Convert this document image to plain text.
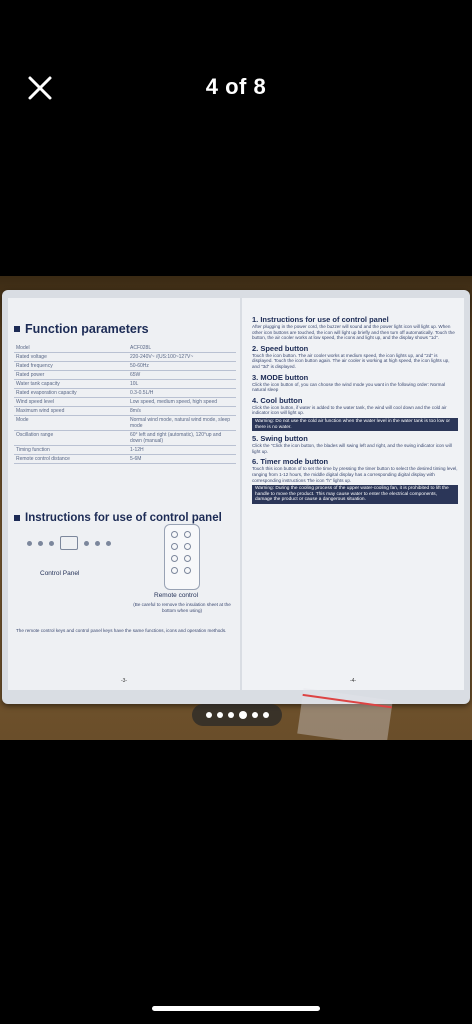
4 of 8
Function parameters
Model	ACF028L
Rated voltage	220-240V~ /(US:100~127V~
Rated frequency	50-60Hz
Rated power	65W
Water tank capacity	10L
Rated evaporation capacity	0.3-0.5L/H
Wind speed level	Low speed, medium speed, high speed
Maximum wind speed	8m/s
Mode	Normal wind mode, natural wind mode, sleep mode
Oscillation range	60° left and right (automatic), 120°up and down (manual)
Timing function	1-12H
Remote control distance	5-6M
Instructions for use of control panel
Control Panel
Remote control
(Be careful to remove the insulation sheet at the bottom when using)
The remote control keys and control panel keys have the same functions, icons and operation methods.
-3-
1. Instructions for use of control panel
After plugging in the power cord, the buzzer will sound and the power light icon will light up. When other icon buttons are touched, the icon will light up briefly and then turn off automatically. Touch the button, the air cooler works at low speed, the icons and light up, and the display shows "1d".
2. Speed button
Touch the icon button. The air cooler works at medium speed, the icon lights up, and "2d" is displayed. Touch the icon button again. The air cooler is working at high speed, the icon lights up, and "3d" is displayed.
3. MODE button
Click the icon button of, you can choose the wind mode you want in the following order: Normal natural sleep
4. Cool button
Click the icon button, if water is added to the water tank, the wind will cool down and the cold air indicator icon will light up.
Warning: Do not use the cold air function when the water level in the water tank is too low or there is no water.
5. Swing button
Click the "Click the icon button, the blades will swing left and right, and the swing indicator icon will light up.
6. Timer mode button
Touch this icon button of to set the time by pressing the timer button to select the desired timing level, ranging from 1-12 hours, the middle digital display has a corresponding digital display with corresponding instructions The icon "h" lights up.
Warning: During the cooling process of the upper water-cooling fan, it is prohibited to lift the handle to move the product. This may cause water to enter the electrical components, damage the product or cause a dangerous situation.
-4-
